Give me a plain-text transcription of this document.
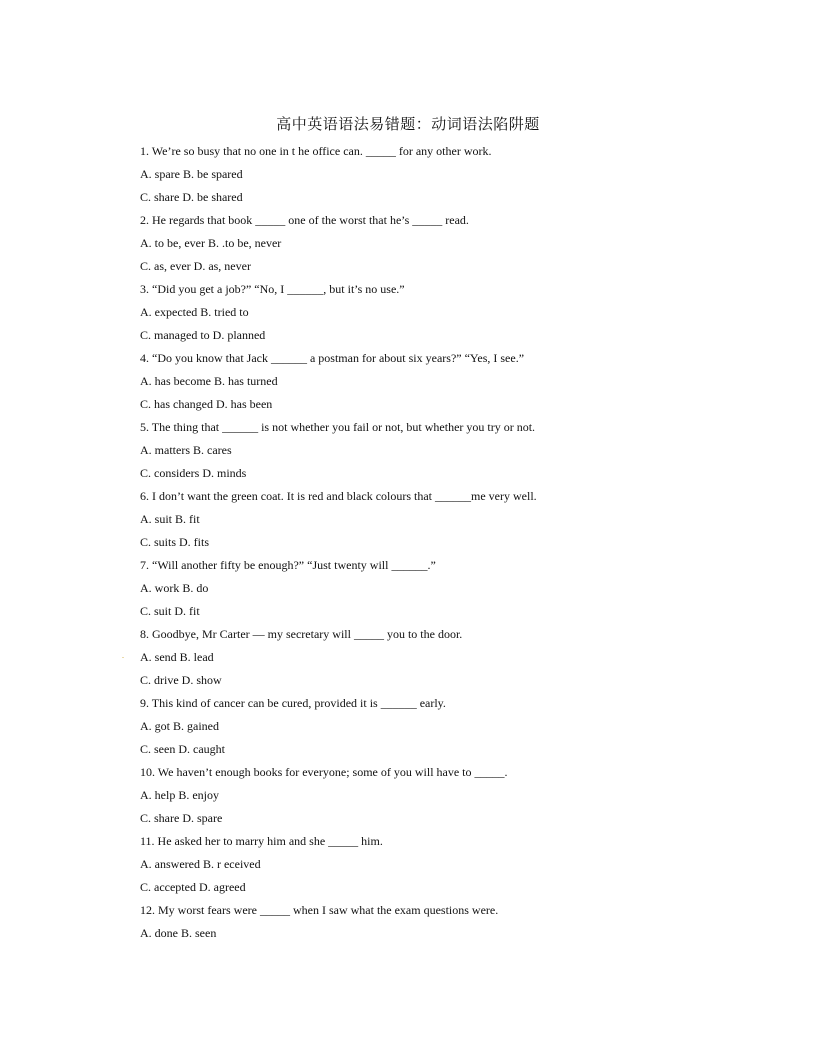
高中英语语法易错题：动词语法陷阱题
.
1. We’re so busy that no one in t he office can. _____ for any other work.
A. spare B. be spared
C. share D. be shared
2. He regards that book _____ one of the worst that he’s _____ read.
A. to be, ever B. .to be, never
C. as, ever D. as, never
3. “Did you get a job?” “No, I ______, but it’s no use.”
A. expected B. tried to
C. managed to D. planned
4. “Do you know that Jack ______ a postman for about six years?” “Yes, I see.”
A. has become B. has turned
C. has changed D. has been
5. The thing that ______ is not whether you fail or not, but whether you try or not.
A. matters B. cares
C. considers D. minds
6. I don’t want the green coat. It is red and black colours that ______me very well.
A. suit B. fit
C. suits D. fits
7. “Will another fifty be enough?” “Just twenty will ______.”
A. work B. do
C. suit D. fit
8. Goodbye, Mr Carter — my secretary will _____ you to the door.
A. send B. lead
C. drive D. show
9. This kind of cancer can be cured, provided it is ______ early.
A. got B. gained
C. seen D. caught
10. We haven’t enough books for everyone; some of you will have to _____.
A. help B. enjoy
C. share D. spare
11. He asked her to marry him and she _____ him.
A. answered B. r eceived
C. accepted D. agreed
12. My worst fears were _____ when I saw what the exam questions were.
A. done B. seen
